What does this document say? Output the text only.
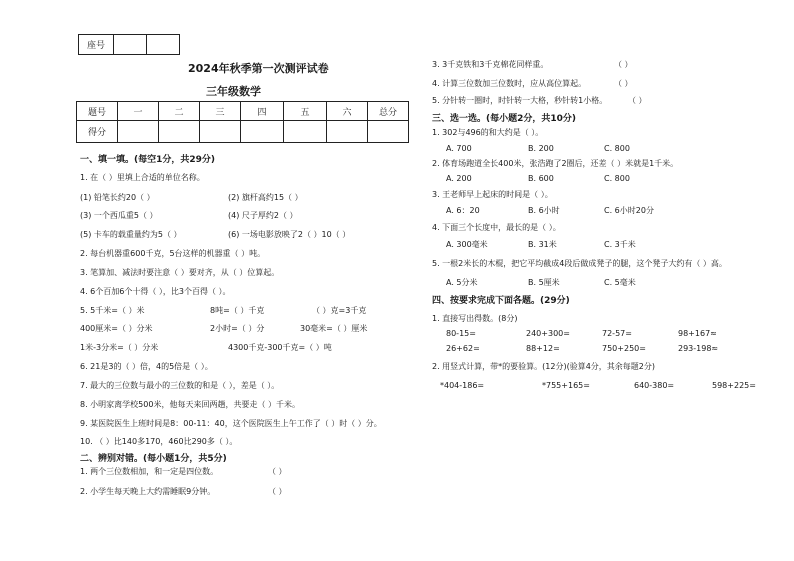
座号		
2024年秋季第一次测评试卷
三年级数学
题号	一	二	三	四	五	六	总分
得分							
一、填一填。(每空1分，共29分)
1. 在（ ）里填上合适的单位名称。
(1) 铅笔长约20（ ）	(2) 旗杆高约15（ ）
(3) 一个西瓜重5（ ）	(4) 尺子厚约2（ ）
(5) 卡车的载重量约为5（ ）	(6) 一场电影放映了2（ ）10（ ）
2. 每台机器重600千克，5台这样的机器重（ ）吨。
3. 笔算加、减法时要注意（ ）要对齐，从（ ）位算起。
4. 6个百加6个十得（ ），比3个百得（ ）。
5. 5千米=（ ）米	8吨=（ ）千克	（ ）克=3千克
400厘米=（ ）分米	2小时=（ ）分	30毫米=（ ）厘米
1米-3分米=（ ）分米	4300千克-300千克=（ ）吨
6. 21是3的（ ）倍，4的5倍是（ ）。
7. 最大的三位数与最小的三位数的和是（ ），差是（ ）。
8. 小明家离学校500米，他每天来回两趟，共要走（ ）千米。
9. 某医院医生上班时间是8：00-11：40，这个医院医生上午工作了（ ）时（ ）分。
10. （ ）比140多170，460比290多（ ）。
二、辨别对错。(每小题1分，共5分)
1. 两个三位数相加，和一定是四位数。	（ ）
2. 小学生每天晚上大约需睡眠9分钟。	（ ）
3. 3千克铁和3千克棉花同样重。	（ ）
4. 计算三位数加三位数时，应从高位算起。	（ ）
5. 分针转一圈时，时针转一大格，秒针转1小格。	（ ）
三、选一选。(每小题2分，共10分)
1. 302与496的和大约是（ ）。
A. 700	B. 200	C. 800
2. 体育场跑道全长400米，张浩跑了2圈后，还差（ ）米就是1千米。
A. 200	B. 600	C. 800
3. 王老师早上起床的时间是（ ）。
A. 6：20	B. 6小时	C. 6小时20分
4. 下面三个长度中，最长的是（ ）。
A. 300毫米	B. 31米	C. 3千米
5. 一根2米长的木棍，把它平均截成4段后做成凳子的腿，这个凳子大约有（ ）高。
A. 5分米	B. 5厘米	C. 5毫米
四、按要求完成下面各题。(29分)
1. 直接写出得数。(8分)
80-15=	240+300=	72-57=	98+167≈
26+62=	88+12=	750+250=	293-198≈
2. 用竖式计算，带*的要验算。(12分)(验算4分，其余每题2分)
*404-186=	*755+165=	640-380=	598+225=
